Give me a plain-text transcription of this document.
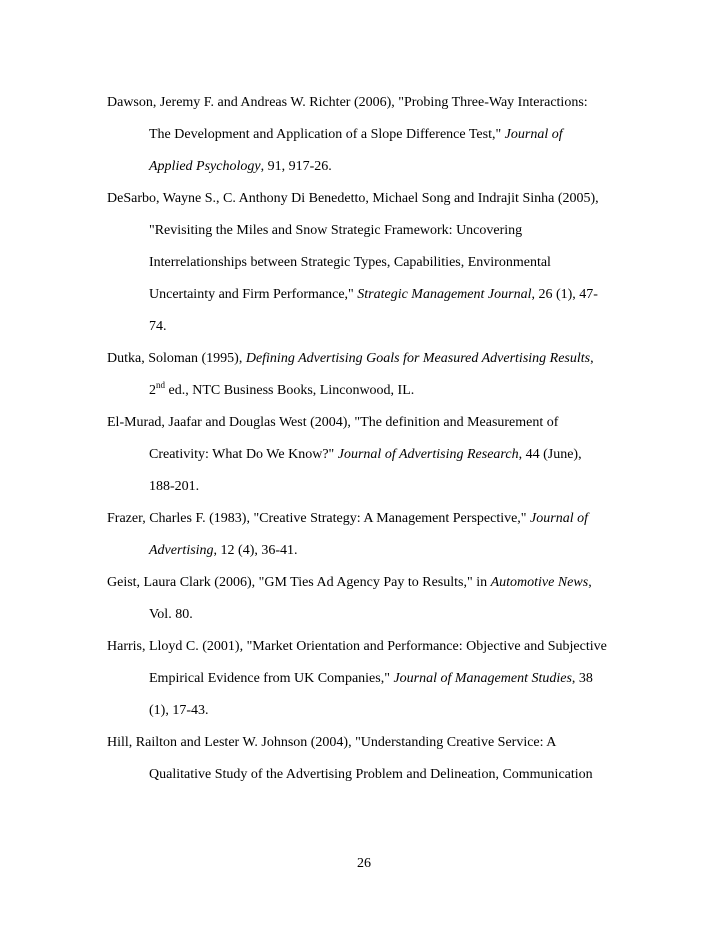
Dawson, Jeremy F. and Andreas W. Richter (2006), "Probing Three-Way Interactions:
The Development and Application of a Slope Difference Test," Journal of
Applied Psychology, 91, 917-26.
DeSarbo, Wayne S., C. Anthony Di Benedetto, Michael Song and Indrajit Sinha (2005),
"Revisiting the Miles and Snow Strategic Framework: Uncovering
Interrelationships between Strategic Types, Capabilities, Environmental
Uncertainty and Firm Performance," Strategic Management Journal, 26 (1), 47-
74.
Dutka, Soloman (1995), Defining Advertising Goals for Measured Advertising Results,
2nd ed., NTC Business Books, Linconwood, IL.
El-Murad, Jaafar and Douglas West (2004), "The definition and Measurement of
Creativity: What Do We Know?" Journal of Advertising Research, 44 (June),
188-201.
Frazer, Charles F. (1983), "Creative Strategy: A Management Perspective," Journal of
Advertising, 12 (4), 36-41.
Geist, Laura Clark (2006), "GM Ties Ad Agency Pay to Results," in Automotive News,
Vol. 80.
Harris, Lloyd C. (2001), "Market Orientation and Performance: Objective and Subjective
Empirical Evidence from UK Companies," Journal of Management Studies, 38
(1), 17-43.
Hill, Railton and Lester W. Johnson (2004), "Understanding Creative Service: A
Qualitative Study of the Advertising Problem and Delineation, Communication
26
